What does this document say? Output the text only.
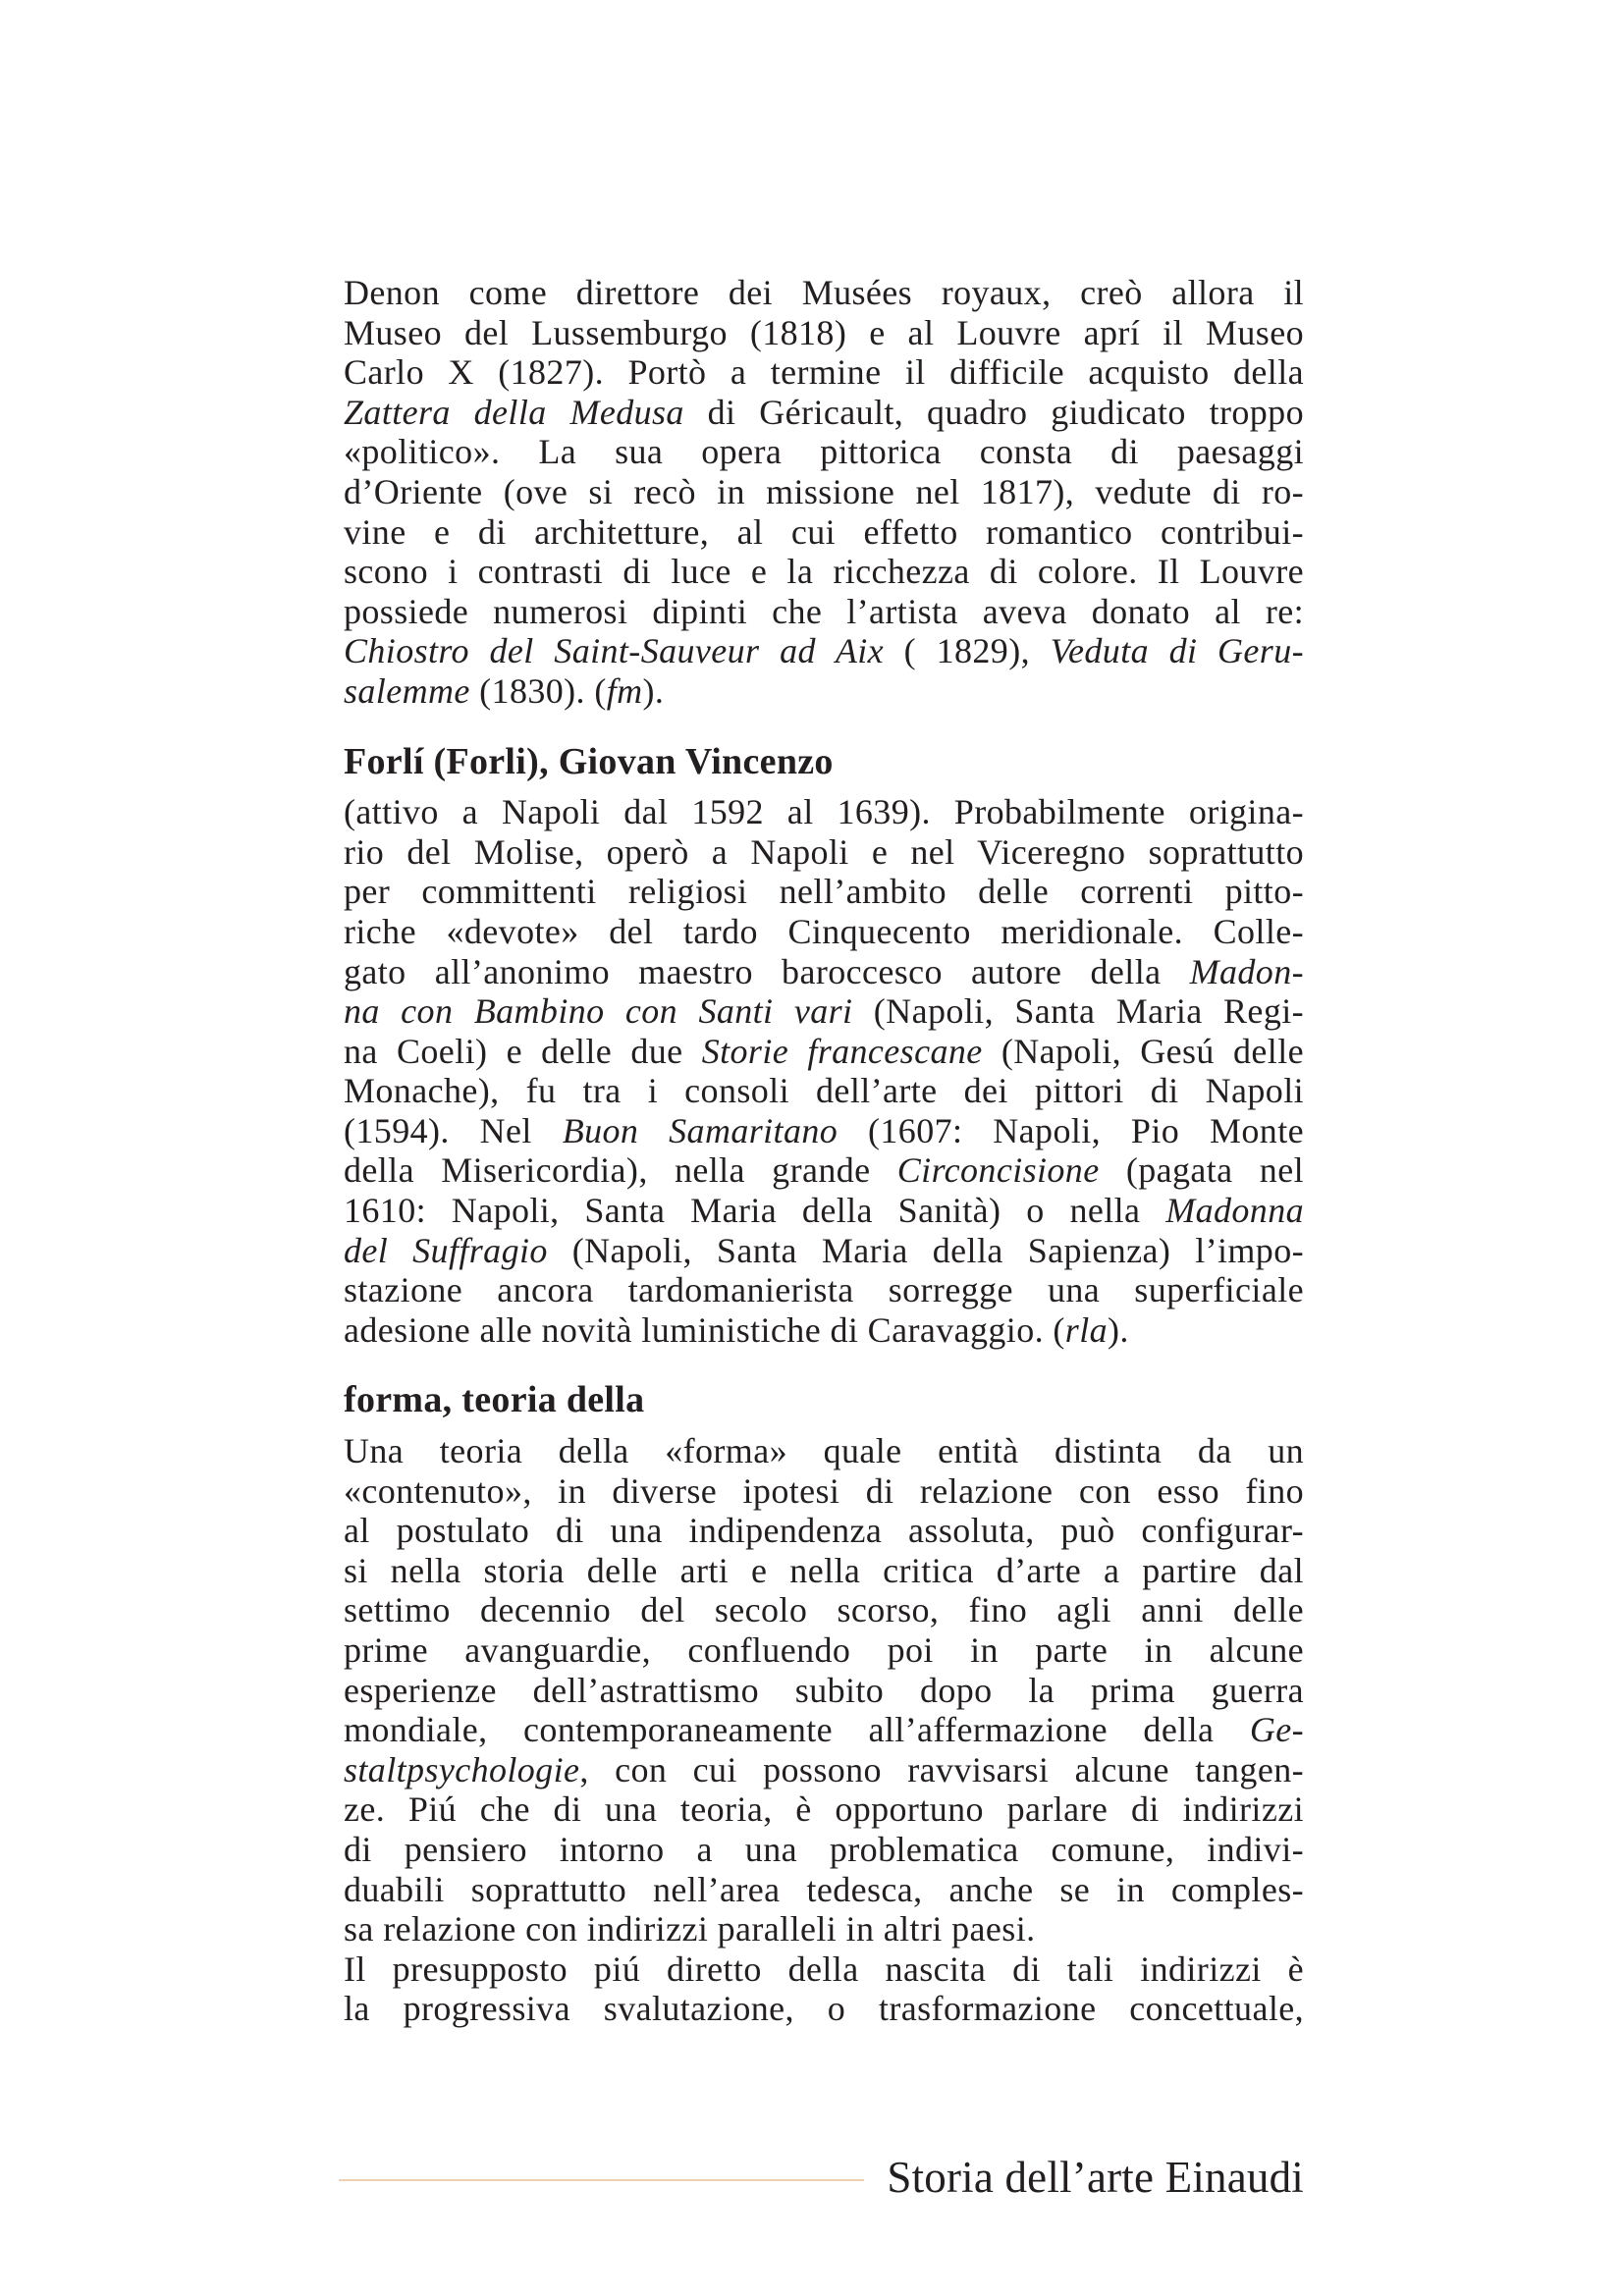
Denon come direttore dei Musées royaux, creò allora il
Museo del Lussemburgo (1818) e al Louvre aprí il Museo
Carlo X (1827). Portò a termine il difficile acquisto della
Zattera della Medusa di Géricault, quadro giudicato troppo
«politico». La sua opera pittorica consta di paesaggi
d’Oriente (ove si recò in missione nel 1817), vedute di ro-
vine e di architetture, al cui effetto romantico contribui-
scono i contrasti di luce e la ricchezza di colore. Il Louvre
possiede numerosi dipinti che l’artista aveva donato al re:
Chiostro del Saint-Sauveur ad Aix ( 1829), Veduta di Geru-
salemme (1830). (fm).
Forlí (Forli), Giovan Vincenzo
(attivo a Napoli dal 1592 al 1639). Probabilmente origina-
rio del Molise, operò a Napoli e nel Viceregno soprattutto
per committenti religiosi nell’ambito delle correnti pitto-
riche «devote» del tardo Cinquecento meridionale. Colle-
gato all’anonimo maestro baroccesco autore della Madon-
na con Bambino con Santi vari (Napoli, Santa Maria Regi-
na Coeli) e delle due Storie francescane (Napoli, Gesú delle
Monache), fu tra i consoli dell’arte dei pittori di Napoli
(1594). Nel Buon Samaritano (1607: Napoli, Pio Monte
della Misericordia), nella grande Circoncisione (pagata nel
1610: Napoli, Santa Maria della Sanità) o nella Madonna
del Suffragio (Napoli, Santa Maria della Sapienza) l’impo-
stazione ancora tardomanierista sorregge una superficiale
adesione alle novità luministiche di Caravaggio. (rla).
forma, teoria della
Una teoria della «forma» quale entità distinta da un
«contenuto», in diverse ipotesi di relazione con esso fino
al postulato di una indipendenza assoluta, può configurar-
si nella storia delle arti e nella critica d’arte a partire dal
settimo decennio del secolo scorso, fino agli anni delle
prime avanguardie, confluendo poi in parte in alcune
esperienze dell’astrattismo subito dopo la prima guerra
mondiale, contemporaneamente all’affermazione della Ge-
staltpsychologie, con cui possono ravvisarsi alcune tangen-
ze. Piú che di una teoria, è opportuno parlare di indirizzi
di pensiero intorno a una problematica comune, indivi-
duabili soprattutto nell’area tedesca, anche se in comples-
sa relazione con indirizzi paralleli in altri paesi.
Il presupposto piú diretto della nascita di tali indirizzi è
la progressiva svalutazione, o trasformazione concettuale,
Storia dell’arte Einaudi
